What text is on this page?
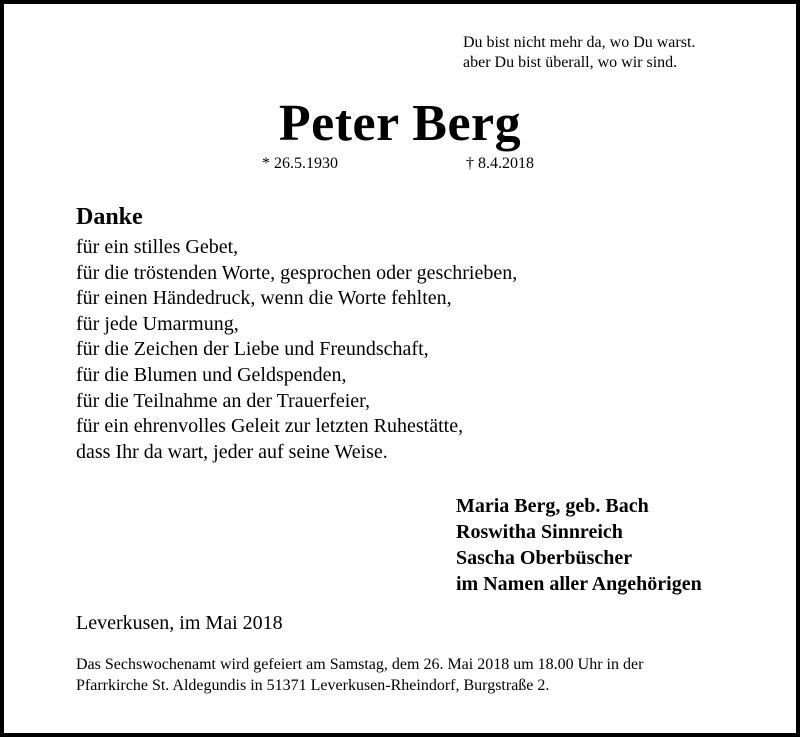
Du bist nicht mehr da, wo Du warst.
aber Du bist überall, wo wir sind.
Peter Berg
* 26.5.1930	† 8.4.2018
Danke
für ein stilles Gebet,
für die tröstenden Worte, gesprochen oder geschrieben,
für einen Händedruck, wenn die Worte fehlten,
für jede Umarmung,
für die Zeichen der Liebe und Freundschaft,
für die Blumen und Geldspenden,
für die Teilnahme an der Trauerfeier,
für ein ehrenvolles Geleit zur letzten Ruhestätte,
dass Ihr da wart, jeder auf seine Weise.
Maria Berg, geb. Bach
Roswitha Sinnreich
Sascha Oberbüscher
im Namen aller Angehörigen
Leverkusen, im Mai 2018
Das Sechswochenamt wird gefeiert am Samstag, dem 26. Mai 2018 um 18.00 Uhr in der
Pfarrkirche St. Aldegundis in 51371 Leverkusen-Rheindorf, Burgstraße 2.
